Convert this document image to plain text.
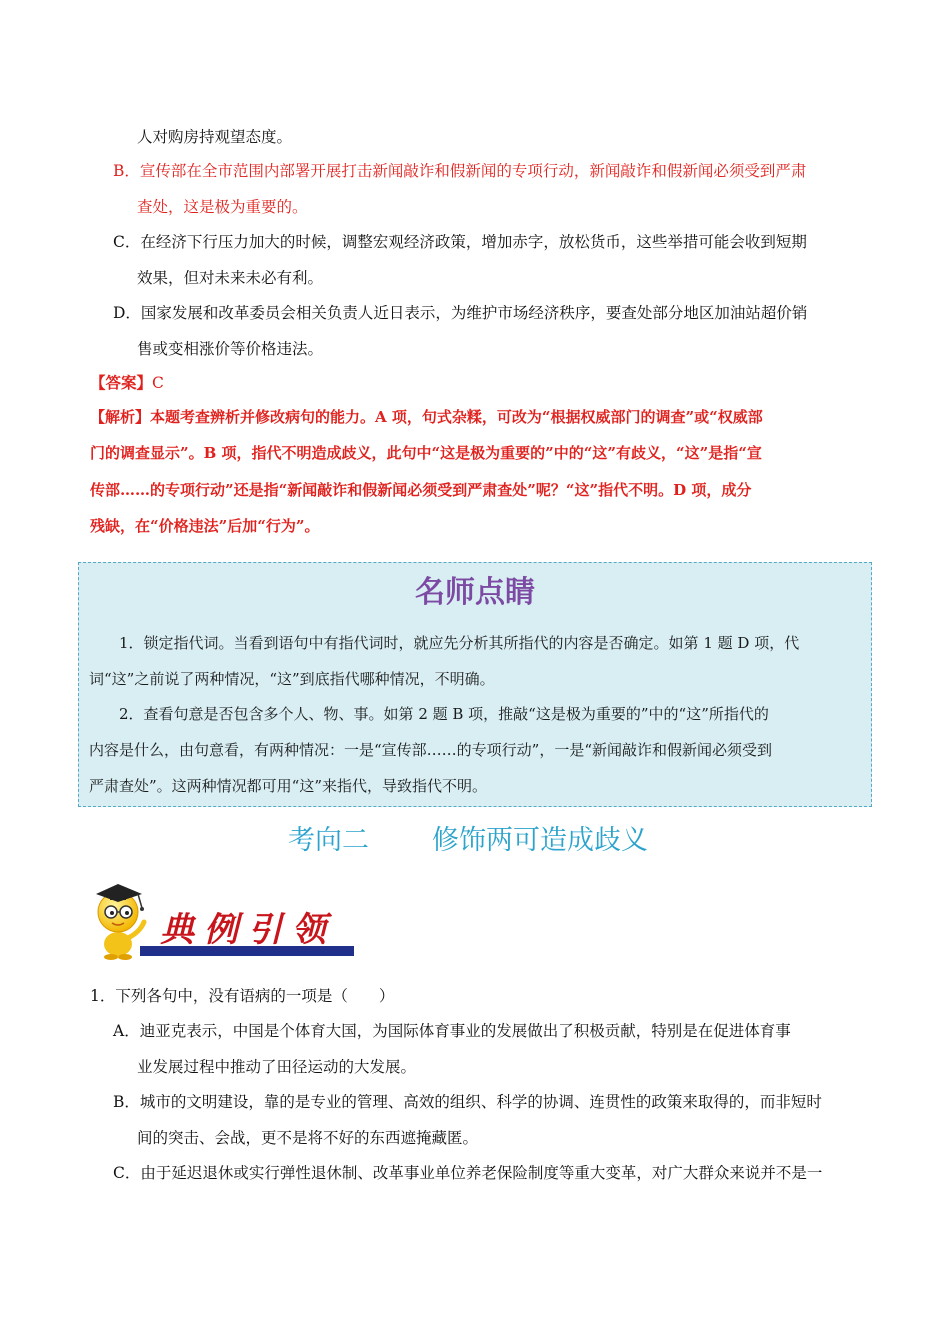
人对购房持观望态度。
B．宣传部在全市范围内部署开展打击新闻敲诈和假新闻的专项行动，新闻敲诈和假新闻必须受到严肃
查处，这是极为重要的。
C．在经济下行压力加大的时候，调整宏观经济政策，增加赤字，放松货币，这些举措可能会收到短期
效果，但对未来未必有利。
D．国家发展和改革委员会相关负责人近日表示，为维护市场经济秩序，要查处部分地区加油站超价销
售或变相涨价等价格违法。
【答案】C
【解析】本题考查辨析并修改病句的能力。A 项，句式杂糅，可改为“根据权威部门的调查”或“权威部
门的调查显示”。B 项，指代不明造成歧义，此句中“这是极为重要的”中的“这”有歧义，“这”是指“宣
传部……的专项行动”还是指“新闻敲诈和假新闻必须受到严肃查处”呢？“这”指代不明。D 项，成分
残缺，在“价格违法”后加“行为”。
名师点睛
1．锁定指代词。当看到语句中有指代词时，就应先分析其所指代的内容是否确定。如第 1 题 D 项，代
词“这”之前说了两种情况，“这”到底指代哪种情况，不明确。
2．查看句意是否包含多个人、物、事。如第 2 题 B 项，推敲“这是极为重要的”中的“这”所指代的
内容是什么，由句意看，有两种情况：一是“宣传部……的专项行动”，一是“新闻敲诈和假新闻必须受到
严肃查处”。这两种情况都可用“这”来指代，导致指代不明。
考向二 修饰两可造成歧义
典例引领
1．下列各句中，没有语病的一项是（　　）
A．迪亚克表示，中国是个体育大国，为国际体育事业的发展做出了积极贡献，特别是在促进体育事
业发展过程中推动了田径运动的大发展。
B．城市的文明建设，靠的是专业的管理、高效的组织、科学的协调、连贯性的政策来取得的，而非短时
间的突击、会战，更不是将不好的东西遮掩藏匿。
C．由于延迟退休或实行弹性退休制、改革事业单位养老保险制度等重大变革，对广大群众来说并不是一
